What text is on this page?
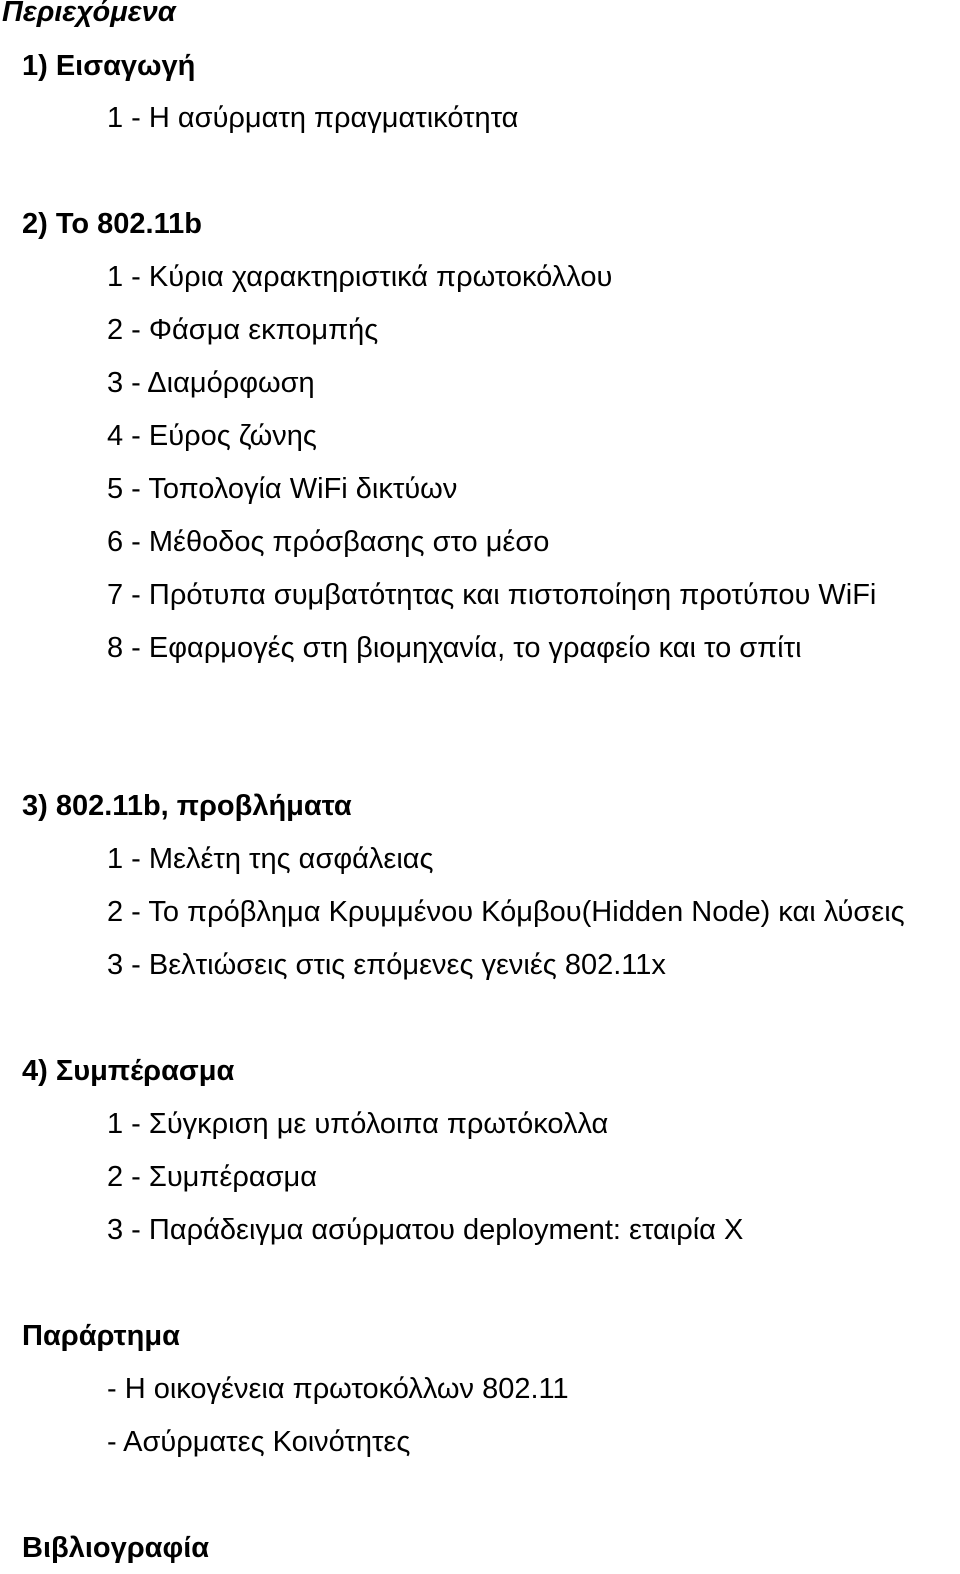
Περιεχόμενα
1) Εισαγωγή

1 - Η ασύρματη πραγματικότητα

2) Το 802.11b

1 - Κύρια χαρακτηριστικά πρωτοκόλλου

2 - Φάσμα εκπομπής

3 - Διαμόρφωση

4 - Εύρος ζώνης

5 - Τοπολογία WiFi δικτύων

6 - Μέθοδος πρόσβασης στο μέσο

7 - Πρότυπα συμβατότητας και πιστοποίηση προτύπου WiFi

8 - Εφαρμογές στη βιομηχανία, το γραφείο και το σπίτι

3) 802.11b, προβλήματα

1 - Μελέτη της ασφάλειας

2 - Το πρόβλημα Κρυμμένου Κόμβου(Hidden Node) και λύσεις

3 - Βελτιώσεις στις επόμενες γενιές 802.11x

4) Συμπέρασμα

1 - Σύγκριση με υπόλοιπα πρωτόκολλα

2 - Συμπέρασμα

3 - Παράδειγμα ασύρματου deployment: εταιρία Χ

Παράρτημα

- Η οικογένεια πρωτοκόλλων 802.11

- Ασύρματες Κοινότητες

Βιβλιογραφία
